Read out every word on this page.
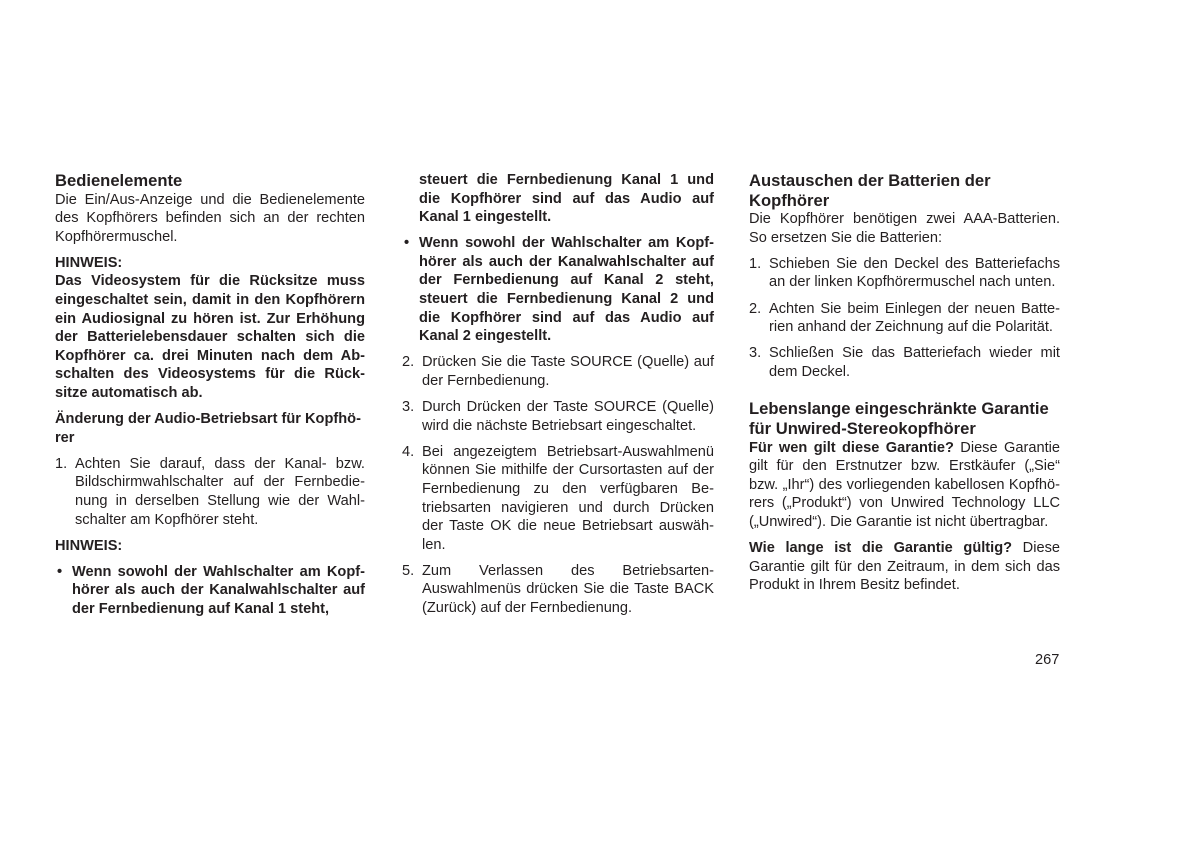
Bedienelemente

Die Ein/Aus-Anzeige und die Bedienelemente des Kopfhörers befinden sich an der rechten Kopfhörermuschel.

HINWEIS:

Das Videosystem für die Rücksitze muss eingeschaltet sein, damit in den Kopfhörern ein Audiosignal zu hören ist. Zur Erhöhung der Batterielebensdauer schalten sich die Kopfhörer ca. drei Minuten nach dem Abschalten des Videosystems für die Rücksitze automatisch ab.

Änderung der Audio-Betriebsart für Kopfhörer

1. Achten Sie darauf, dass der Kanal- bzw. Bildschirmwahlschalter auf der Fernbedienung in derselben Stellung wie der Wahlschalter am Kopfhörer steht.

HINWEIS:

• Wenn sowohl der Wahlschalter am Kopfhörer als auch der Kanalwahlschalter auf der Fernbedienung auf Kanal 1 steht,
steuert die Fernbedienung Kanal 1 und die Kopfhörer sind auf das Audio auf Kanal 1 eingestellt.
• Wenn sowohl der Wahlschalter am Kopfhörer als auch der Kanalwahlschalter auf der Fernbedienung auf Kanal 2 steht, steuert die Fernbedienung Kanal 2 und die Kopfhörer sind auf das Audio auf Kanal 2 eingestellt.
2. Drücken Sie die Taste SOURCE (Quelle) auf der Fernbedienung.
3. Durch Drücken der Taste SOURCE (Quelle) wird die nächste Betriebsart eingeschaltet.
4. Bei angezeigtem Betriebsart-Auswahlmenü können Sie mithilfe der Cursortasten auf der Fernbedienung zu den verfügbaren Betriebsarten navigieren und durch Drücken der Taste OK die neue Betriebsart auswählen.
5. Zum Verlassen des Betriebsarten-Auswahlmenüs drücken Sie die Taste BACK (Zurück) auf der Fernbedienung.
Austauschen der Batterien der Kopfhörer

Die Kopfhörer benötigen zwei AAA-Batterien. So ersetzen Sie die Batterien:

1. Schieben Sie den Deckel des Batteriefachs an der linken Kopfhörermuschel nach unten.
2. Achten Sie beim Einlegen der neuen Batterien anhand der Zeichnung auf die Polarität.
3. Schließen Sie das Batteriefach wieder mit dem Deckel.
Lebenslange eingeschränkte Garantie für Unwired-Stereokopfhörer

Für wen gilt diese Garantie? Diese Garantie gilt für den Erstnutzer bzw. Erstkäufer („Sie“ bzw. „Ihr“) des vorliegenden kabellosen Kopfhörers („Produkt“) von Unwired Technology LLC („Unwired“). Die Garantie ist nicht übertragbar.

Wie lange ist die Garantie gültig? Diese Garantie gilt für den Zeitraum, in dem sich das Produkt in Ihrem Besitz befindet.

267
